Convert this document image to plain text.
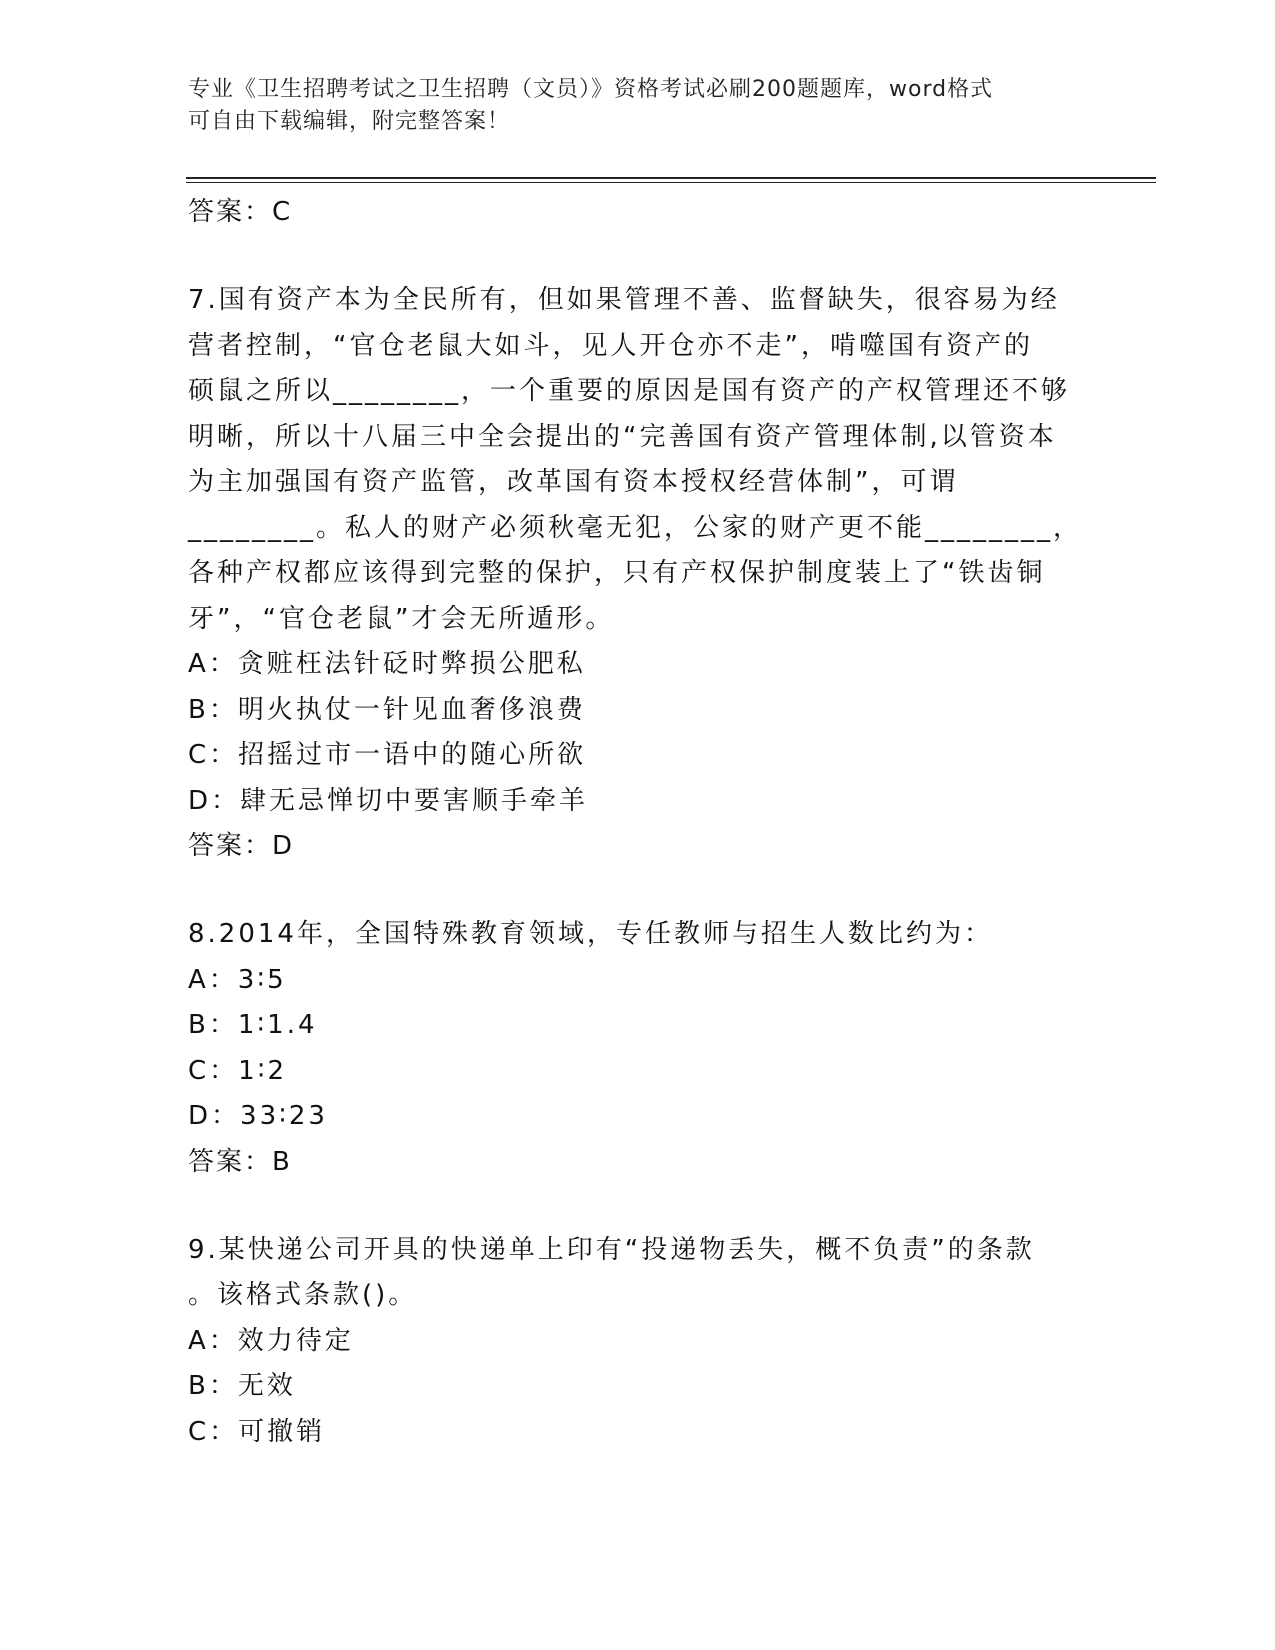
专业《卫生招聘考试之卫生招聘（文员）》资格考试必刷200题题库，word格式
可自由下载编辑，附完整答案！

答案：C

7.国有资产本为全民所有，但如果管理不善、监督缺失，很容易为经

营者控制，“官仓老鼠大如斗，见人开仓亦不走”，啃噬国有资产的

硕鼠之所以________，一个重要的原因是国有资产的产权管理还不够

明晰，所以十八届三中全会提出的“完善国有资产管理体制,以管资本

为主加强国有资产监管，改革国有资本授权经营体制”，可谓

________。私人的财产必须秋毫无犯，公家的财产更不能________，

各种产权都应该得到完整的保护，只有产权保护制度装上了“铁齿铜

牙”，“官仓老鼠”才会无所遁形。

A：贪赃枉法针砭时弊损公肥私

B：明火执仗一针见血奢侈浪费

C：招摇过市一语中的随心所欲

D：肆无忌惮切中要害顺手牵羊

答案：D

8.2014年，全国特殊教育领域，专任教师与招生人数比约为：

A：3∶5

B：1∶1.4

C：1∶2

D：33∶23

答案：B

9.某快递公司开具的快递单上印有“投递物丢失，概不负责”的条款

。该格式条款()。

A：效力待定

B：无效

C：可撤销
